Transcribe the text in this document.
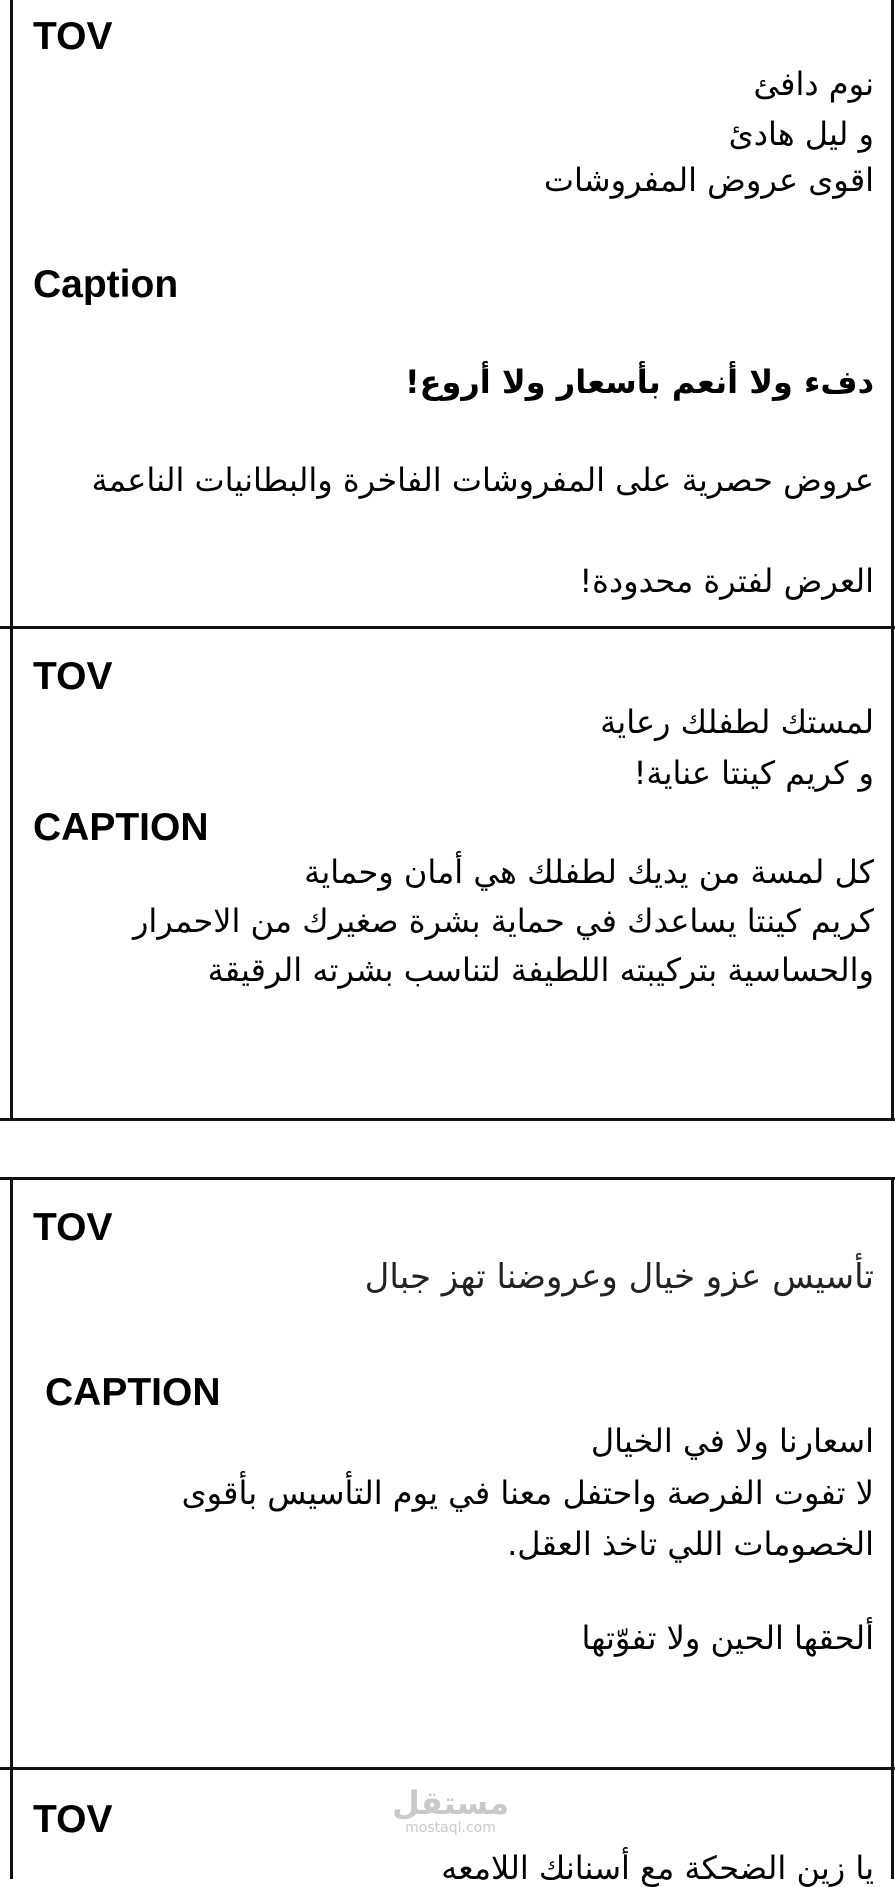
TOV
نوم دافئ
و ليل هادئ
اقوى عروض المفروشات
Caption
دفء ولا أنعم بأسعار ولا أروع!
عروض حصرية على المفروشات الفاخرة والبطانيات الناعمة
العرض لفترة محدودة!
TOV
لمستك لطفلك رعاية
و كريم كينتا عناية!
CAPTION
كل لمسة من يديك لطفلك هي أمان وحماية
كريم كينتا يساعدك في حماية بشرة صغيرك من الاحمرار
والحساسية بتركيبته اللطيفة لتناسب بشرته الرقيقة
TOV
تأسيس عزو خيال وعروضنا تهز جبال
CAPTION
اسعارنا ولا في الخيال
لا تفوت الفرصة واحتفل معنا في يوم التأسيس بأقوى
الخصومات اللي تاخذ العقل.
ألحقها الحين ولا تفوّتها
TOV
يا زين الضحكة مع أسنانك اللامعه
مستقل
mostaql.com
